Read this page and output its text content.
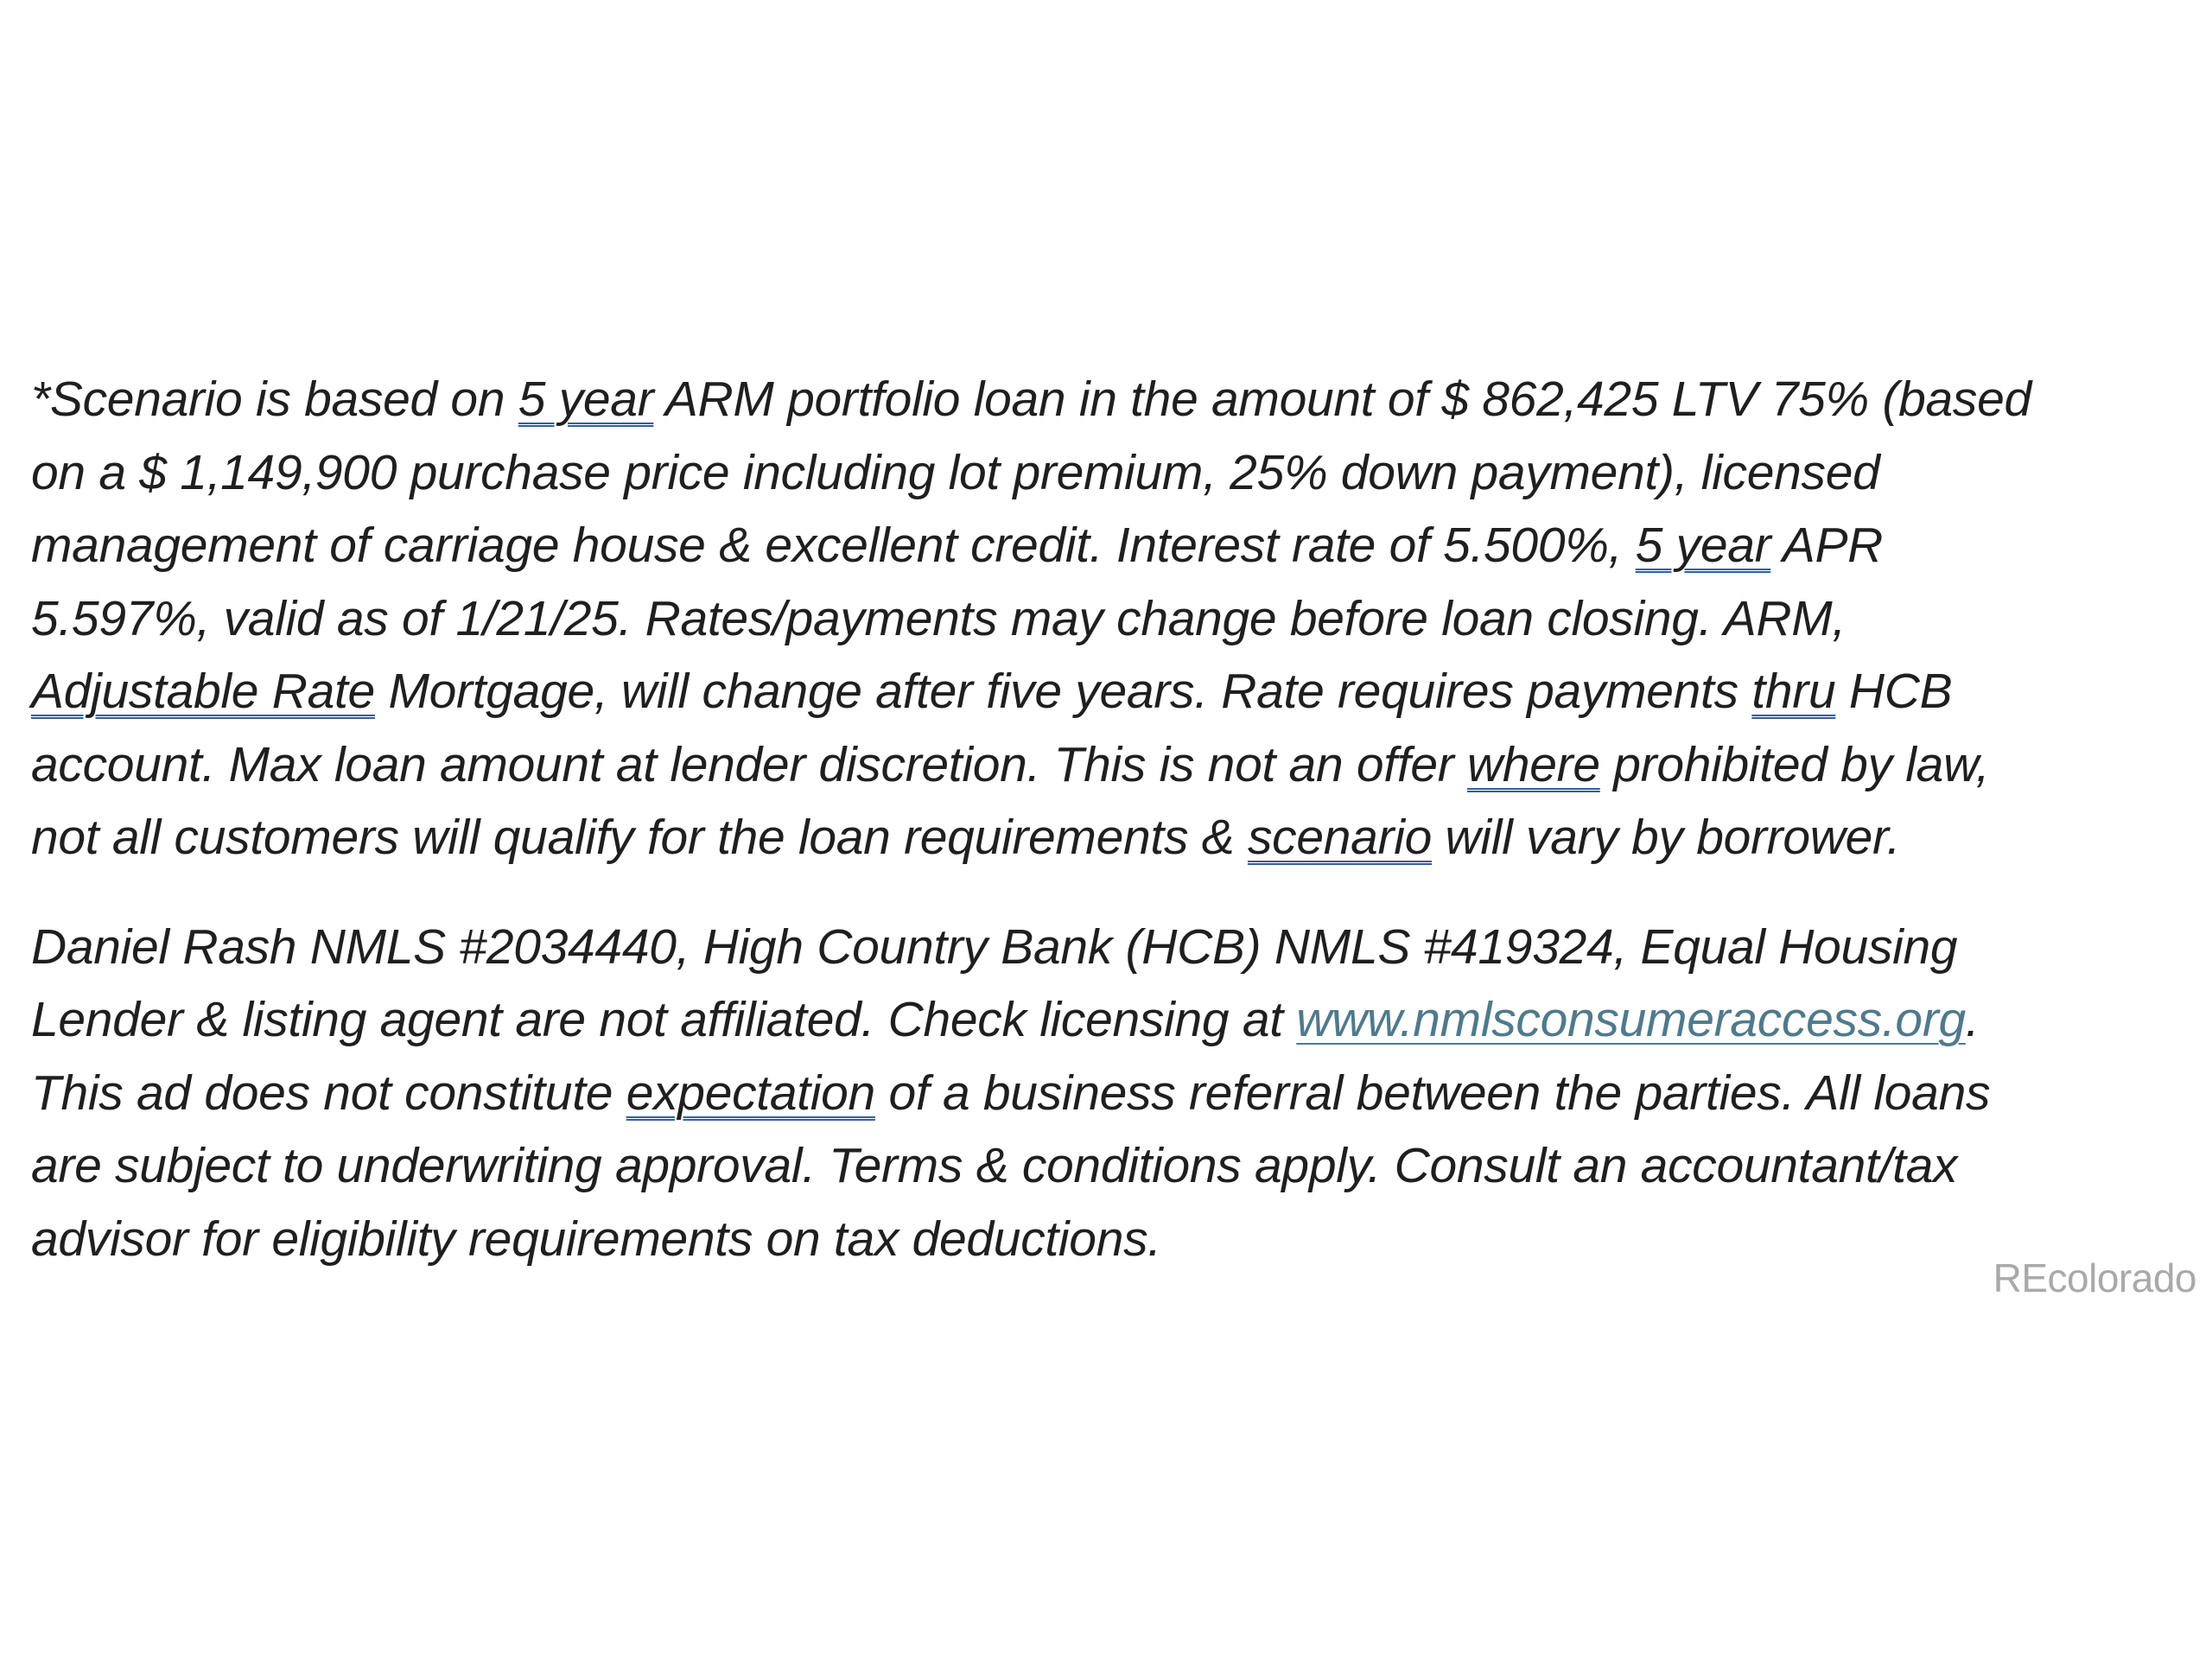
*Scenario is based on 5 year ARM portfolio loan in the amount of $ 862,425 LTV 75% (based
on a $ 1,149,900 purchase price including lot premium, 25% down payment), licensed
management of carriage house & excellent credit. Interest rate of 5.500%, 5 year APR
5.597%, valid as of 1/21/25. Rates/payments may change before loan closing. ARM,
Adjustable Rate Mortgage, will change after five years. Rate requires payments thru HCB
account. Max loan amount at lender discretion. This is not an offer where prohibited by law,
not all customers will qualify for the loan requirements & scenario will vary by borrower.

Daniel Rash NMLS #2034440, High Country Bank (HCB) NMLS #419324, Equal Housing
Lender & listing agent are not affiliated. Check licensing at www.nmlsconsumeraccess.org.
This ad does not constitute expectation of a business referral between the parties. All loans
are subject to underwriting approval. Terms & conditions apply. Consult an accountant/tax
advisor for eligibility requirements on tax deductions.

REcolorado
